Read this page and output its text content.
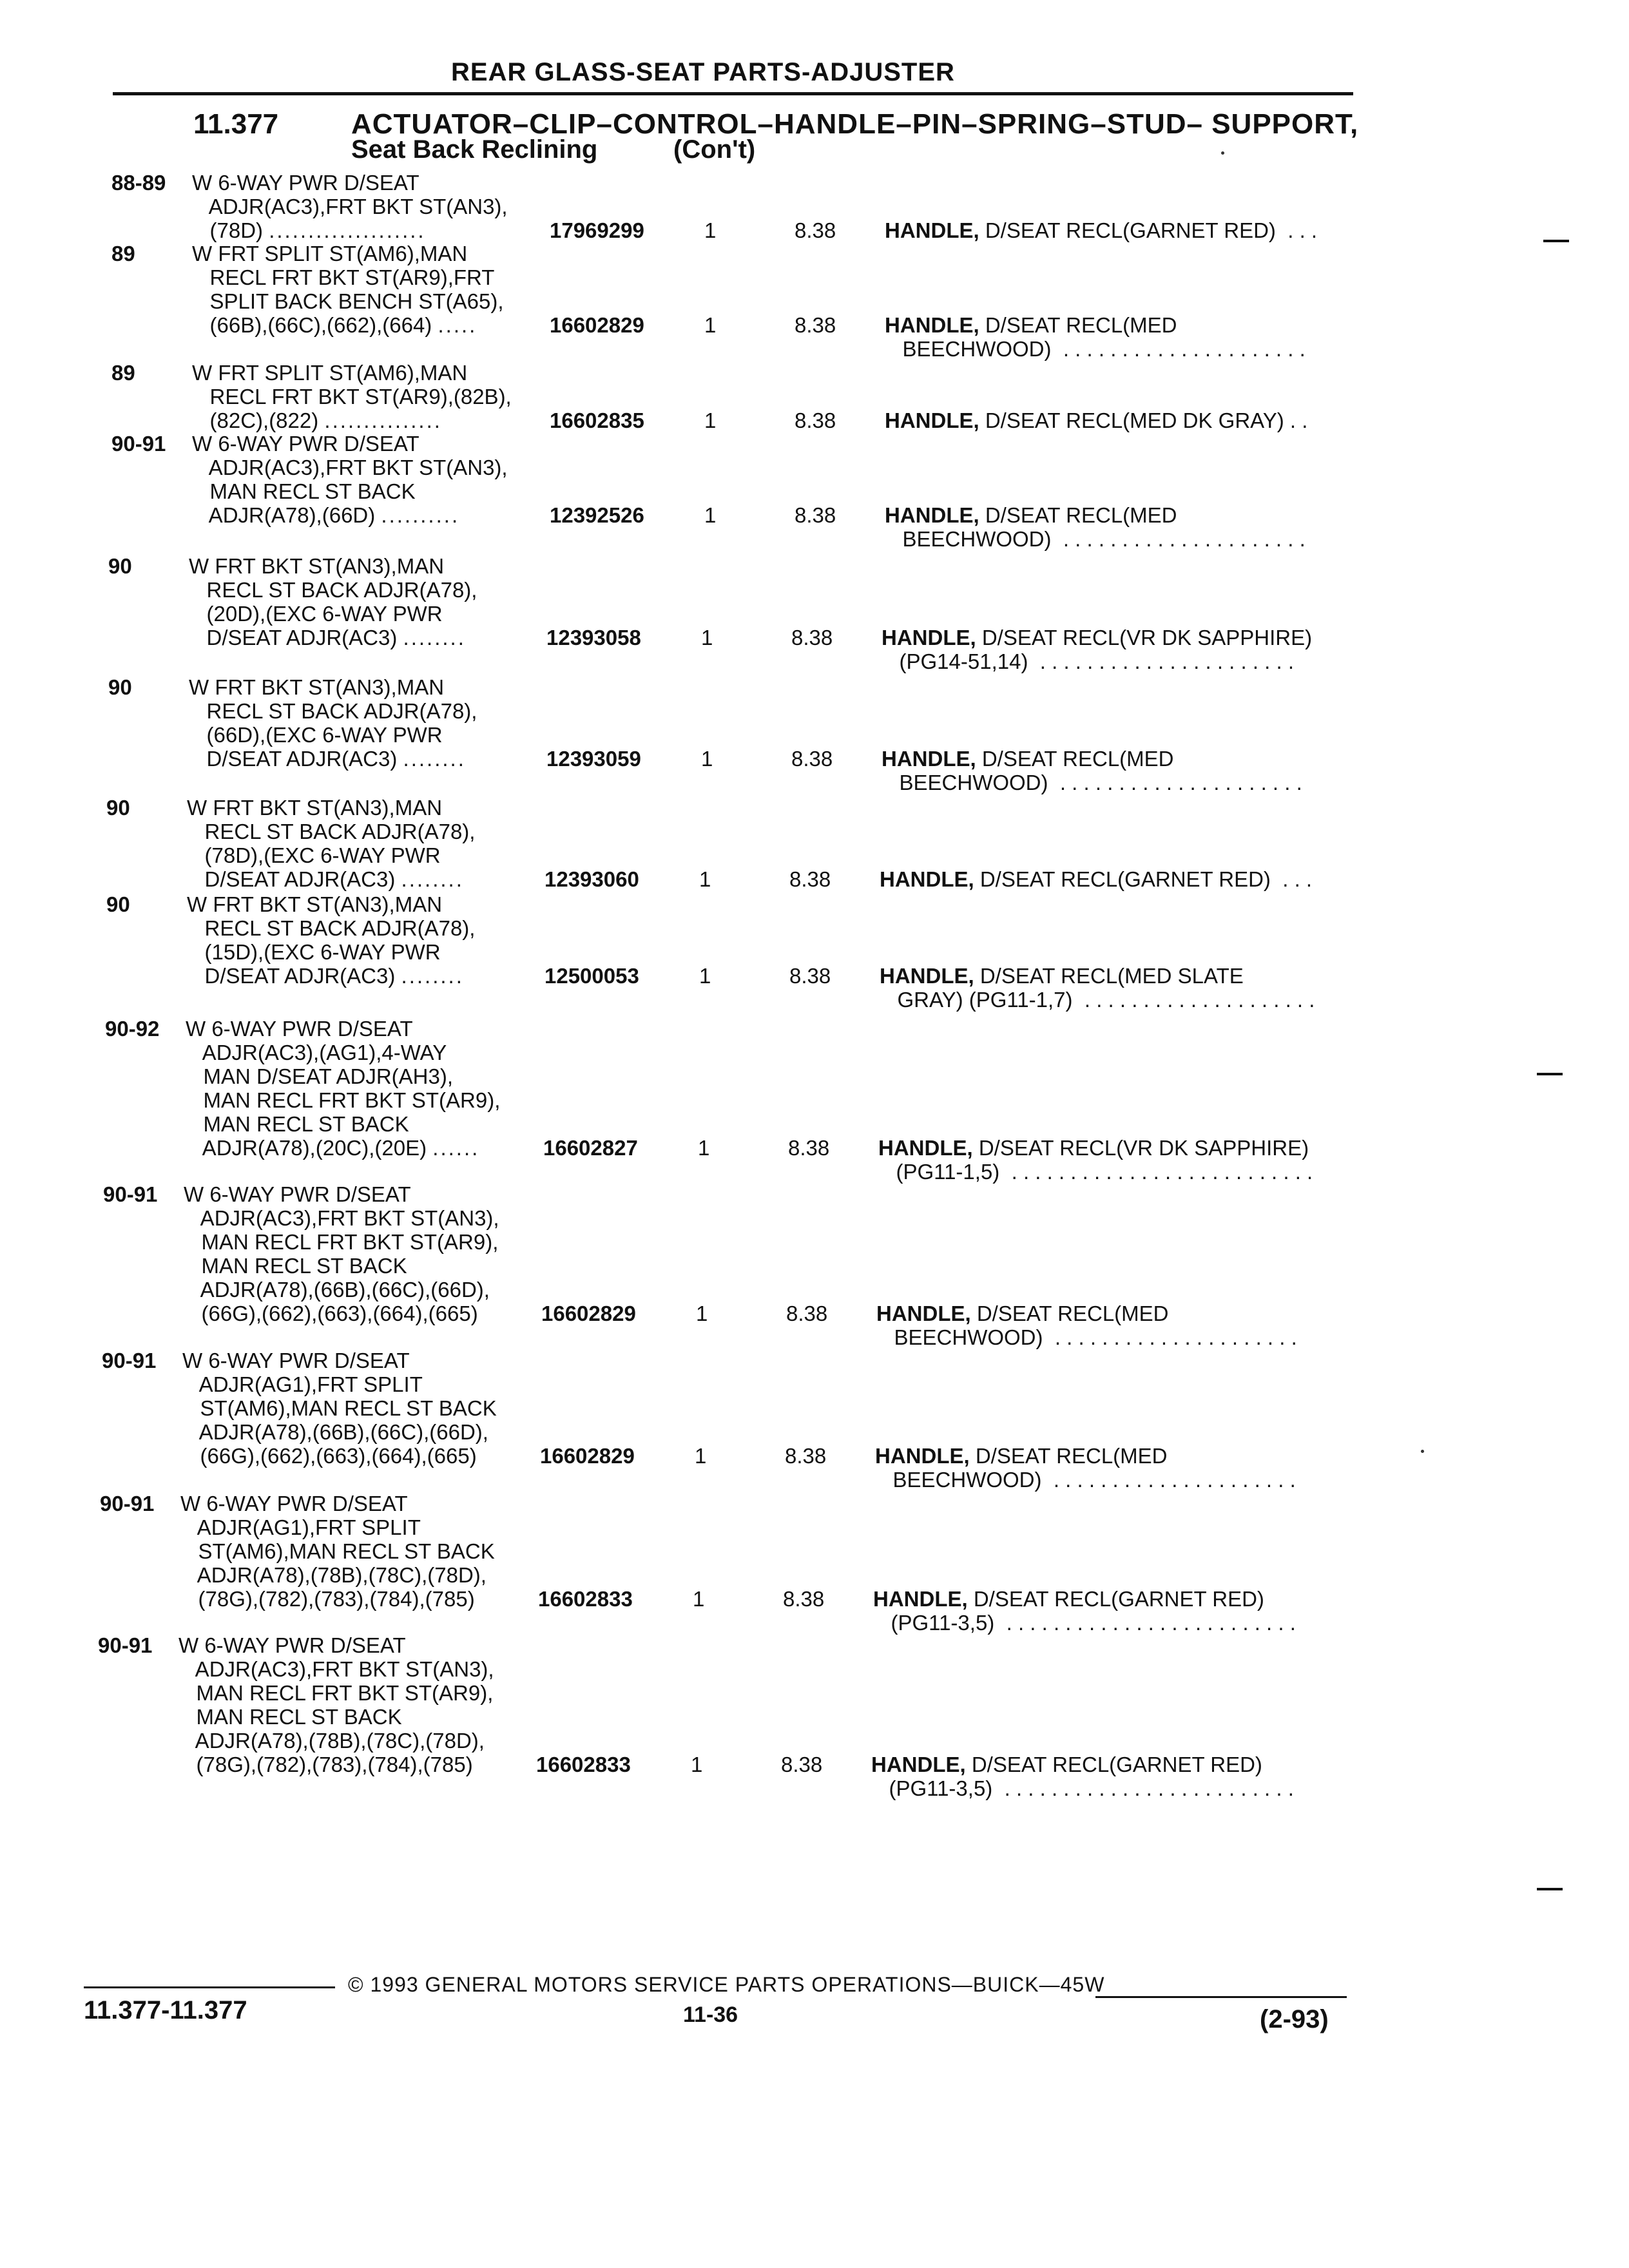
REAR GLASS-SEAT PARTS-ADJUSTER
11.377	ACTUATOR–CLIP–CONTROL–HANDLE–PIN–SPRING–STUD– SUPPORT,
Seat Back Reclining	(Con't)
88-89	W 6-WAY PWR D/SEAT
ADJR(AC3),FRT BKT ST(AN3),
(78D) ....................	17969299	1	8.38	HANDLE, D/SEAT RECL(GARNET RED)  . . .
89	W FRT SPLIT ST(AM6),MAN
RECL FRT BKT ST(AR9),FRT
SPLIT BACK BENCH ST(A65),
(66B),(66C),(662),(664) .....	16602829	1	8.38	HANDLE, D/SEAT RECL(MED
BEECHWOOD)  . . . . . . . . . . . . . . . . . . . . .
89	W FRT SPLIT ST(AM6),MAN
RECL FRT BKT ST(AR9),(82B),
(82C),(822) ...............	16602835	1	8.38	HANDLE, D/SEAT RECL(MED DK GRAY) . .
90-91	W 6-WAY PWR D/SEAT
ADJR(AC3),FRT BKT ST(AN3),
MAN RECL ST BACK
ADJR(A78),(66D) ..........	12392526	1	8.38	HANDLE, D/SEAT RECL(MED
BEECHWOOD)  . . . . . . . . . . . . . . . . . . . . .
90	W FRT BKT ST(AN3),MAN
RECL ST BACK ADJR(A78),
(20D),(EXC 6-WAY PWR
D/SEAT ADJR(AC3) ........	12393058	1	8.38	HANDLE, D/SEAT RECL(VR DK SAPPHIRE)
(PG14-51,14)  . . . . . . . . . . . . . . . . . . . . . .
90	W FRT BKT ST(AN3),MAN
RECL ST BACK ADJR(A78),
(66D),(EXC 6-WAY PWR
D/SEAT ADJR(AC3) ........	12393059	1	8.38	HANDLE, D/SEAT RECL(MED
BEECHWOOD)  . . . . . . . . . . . . . . . . . . . . .
90	W FRT BKT ST(AN3),MAN
RECL ST BACK ADJR(A78),
(78D),(EXC 6-WAY PWR
D/SEAT ADJR(AC3) ........	12393060	1	8.38	HANDLE, D/SEAT RECL(GARNET RED)  . . .
90	W FRT BKT ST(AN3),MAN
RECL ST BACK ADJR(A78),
(15D),(EXC 6-WAY PWR
D/SEAT ADJR(AC3) ........	12500053	1	8.38	HANDLE, D/SEAT RECL(MED SLATE
GRAY) (PG11-1,7)  . . . . . . . . . . . . . . . . . . . .
90-92	W 6-WAY PWR D/SEAT
ADJR(AC3),(AG1),4-WAY
MAN D/SEAT ADJR(AH3),
MAN RECL FRT BKT ST(AR9),
MAN RECL ST BACK
ADJR(A78),(20C),(20E) ......	16602827	1	8.38	HANDLE, D/SEAT RECL(VR DK SAPPHIRE)
(PG11-1,5)  . . . . . . . . . . . . . . . . . . . . . . . . . .
90-91	W 6-WAY PWR D/SEAT
ADJR(AC3),FRT BKT ST(AN3),
MAN RECL FRT BKT ST(AR9),
MAN RECL ST BACK
ADJR(A78),(66B),(66C),(66D),
(66G),(662),(663),(664),(665)	16602829	1	8.38	HANDLE, D/SEAT RECL(MED
BEECHWOOD)  . . . . . . . . . . . . . . . . . . . . .
90-91	W 6-WAY PWR D/SEAT
ADJR(AG1),FRT SPLIT
ST(AM6),MAN RECL ST BACK
ADJR(A78),(66B),(66C),(66D),
(66G),(662),(663),(664),(665)	16602829	1	8.38	HANDLE, D/SEAT RECL(MED
BEECHWOOD)  . . . . . . . . . . . . . . . . . . . . .
90-91	W 6-WAY PWR D/SEAT
ADJR(AG1),FRT SPLIT
ST(AM6),MAN RECL ST BACK
ADJR(A78),(78B),(78C),(78D),
(78G),(782),(783),(784),(785)	16602833	1	8.38	HANDLE, D/SEAT RECL(GARNET RED)
(PG11-3,5)  . . . . . . . . . . . . . . . . . . . . . . . . .
90-91	W 6-WAY PWR D/SEAT
ADJR(AC3),FRT BKT ST(AN3),
MAN RECL FRT BKT ST(AR9),
MAN RECL ST BACK
ADJR(A78),(78B),(78C),(78D),
(78G),(782),(783),(784),(785)	16602833	1	8.38	HANDLE, D/SEAT RECL(GARNET RED)
(PG11-3,5)  . . . . . . . . . . . . . . . . . . . . . . . . .
© 1993 GENERAL MOTORS SERVICE PARTS OPERATIONS—BUICK—45W
11.377-11.377	11-36	(2-93)
